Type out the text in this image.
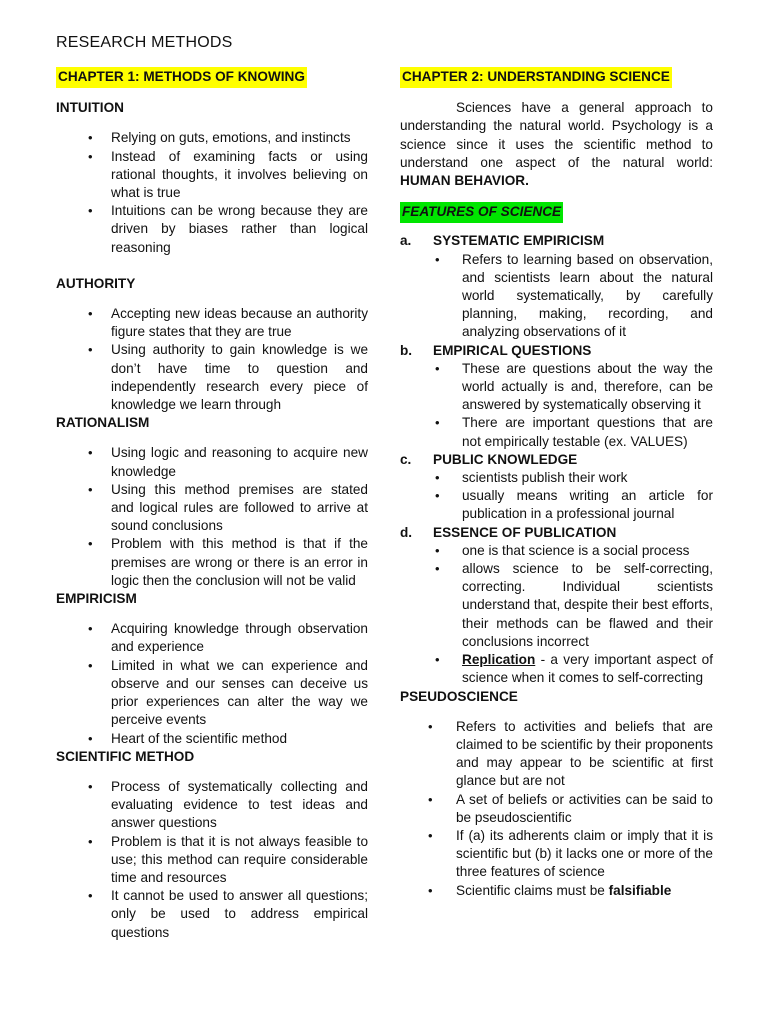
RESEARCH METHODS
CHAPTER 1: METHODS OF KNOWING

INTUITION

• Relying on guts, emotions, and instincts
• Instead of examining facts or using rational thoughts, it involves believing on what is true
• Intuitions can be wrong because they are driven by biases rather than logical reasoning

AUTHORITY

• Accepting new ideas because an authority figure states that they are true
• Using authority to gain knowledge is we don’t have time to question and independently research every piece of knowledge we learn through

RATIONALISM

• Using logic and reasoning to acquire new knowledge
• Using this method premises are stated and logical rules are followed to arrive at sound conclusions
• Problem with this method is that if the premises are wrong or there is an error in logic then the conclusion will not be valid

EMPIRICISM

• Acquiring knowledge through observation and experience
• Limited in what we can experience and observe and our senses can deceive us prior experiences can alter the way we perceive events
• Heart of the scientific method

SCIENTIFIC METHOD

• Process of systematically collecting and evaluating evidence to test ideas and answer questions
• Problem is that it is not always feasible to use; this method can require considerable time and resources
• It cannot be used to answer all questions; only be used to address empirical questions
CHAPTER 2: UNDERSTANDING SCIENCE

Sciences have a general approach to understanding the natural world. Psychology is a science since it uses the scientific method to understand one aspect of the natural world: HUMAN BEHAVIOR.

FEATURES OF SCIENCE

a. SYSTEMATIC EMPIRICISM

• Refers to learning based on observation, and scientists learn about the natural world systematically, by carefully planning, making, recording, and analyzing observations of it

b. EMPIRICAL QUESTIONS

• These are questions about the way the world actually is and, therefore, can be answered by systematically observing it
• There are important questions that are not empirically testable (ex. VALUES)

c. PUBLIC KNOWLEDGE

• scientists publish their work
• usually means writing an article for publication in a professional journal

d. ESSENCE OF PUBLICATION

• one is that science is a social process
• allows science to be self-correcting, correcting. Individual scientists understand that, despite their best efforts, their methods can be flawed and their conclusions incorrect
• Replication - a very important aspect of science when it comes to self-correcting

PSEUDOSCIENCE

• Refers to activities and beliefs that are claimed to be scientific by their proponents and may appear to be scientific at first glance but are not
• A set of beliefs or activities can be said to be pseudoscientific
• If (a) its adherents claim or imply that it is scientific but (b) it lacks one or more of the three features of science
• Scientific claims must be falsifiable
